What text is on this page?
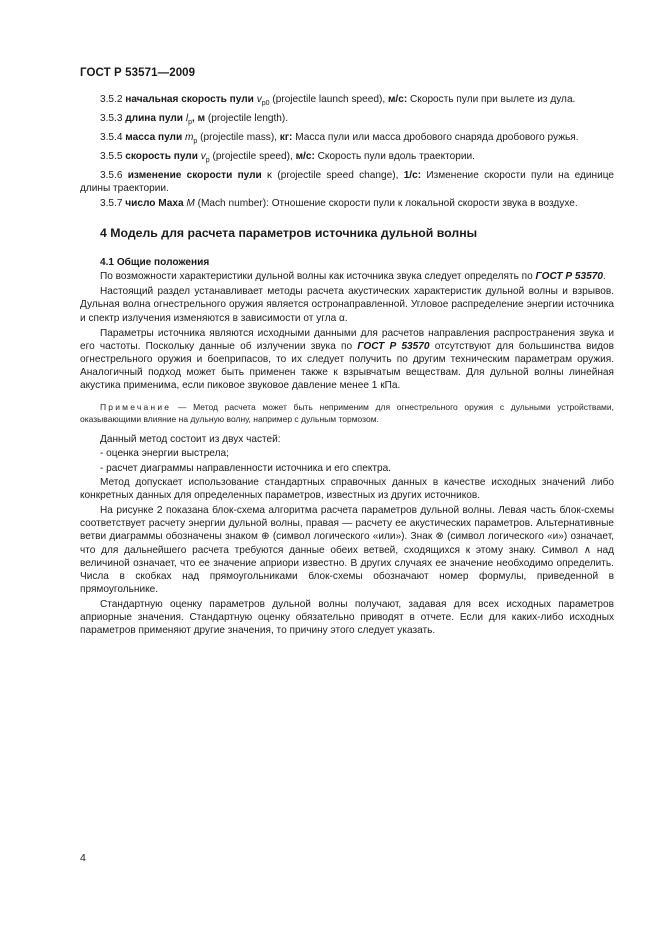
ГОСТ Р 53571—2009

3.5.2 начальная скорость пули $v_{p0}$ (projectile launch speed), м/с: Скорость пули при вылете из дула.

3.5.3 длина пули $l_p$, м (projectile length).

3.5.4 масса пули $m_p$ (projectile mass), кг: Масса пули или масса дробового снаряда дробового ружья.

3.5.5 скорость пули $v_p$ (projectile speed), м/с: Скорость пули вдоль траектории.

3.5.6 изменение скорости пули κ (projectile speed change), 1/с: Изменение скорости пули на единице длины траектории.

3.5.7 число Маха M (Mach number): Отношение скорости пули к локальной скорости звука в воздухе.

4 Модель для расчета параметров источника дульной волны
4.1 Общие положения

По возможности характеристики дульной волны как источника звука следует определять по ГОСТ Р 53570.

Настоящий раздел устанавливает методы расчета акустических характеристик дульной волны и взрывов. Дульная волна огнестрельного оружия является остронаправленной. Угловое распределение энергии источника и спектр излучения изменяются в зависимости от угла α.

Параметры источника являются исходными данными для расчетов направления распространения звука и его частоты. Поскольку данные об излучении звука по ГОСТ Р 53570 отсутствуют для большинства видов огнестрельного оружия и боеприпасов, то их следует получить по другим техническим параметрам оружия. Аналогичный подход может быть применен также к взрывчатым веществам. Для дульной волны линейная акустика применима, если пиковое звуковое давление менее 1 кПа.

Примечание — Метод расчета может быть неприменим для огнестрельного оружия с дульными устройствами, оказывающими влияние на дульную волну, например с дульным тормозом.

Данный метод состоит из двух частей:

- оценка энергии выстрела;

- расчет диаграммы направленности источника и его спектра.

Метод допускает использование стандартных справочных данных в качестве исходных значений либо конкретных данных для определенных параметров, известных из других источников.

На рисунке 2 показана блок-схема алгоритма расчета параметров дульной волны. Левая часть блок-схемы соответствует расчету энергии дульной волны, правая — расчету ее акустических параметров. Альтернативные ветви диаграммы обозначены знаком ⊕ (символ логического «или»). Знак ⊗ (символ логического «и») означает, что для дальнейшего расчета требуются данные обеих ветвей, сходящихся к этому знаку. Символ ∧ над величиной означает, что ее значение априори известно. В других случаях ее значение необходимо определить. Числа в скобках над прямоугольниками блок-схемы обозначают номер формулы, приведенной в прямоугольнике.

Стандартную оценку параметров дульной волны получают, задавая для всех исходных параметров априорные значения. Стандартную оценку обязательно приводят в отчете. Если для каких-либо исходных параметров применяют другие значения, то причину этого следует указать.

4
